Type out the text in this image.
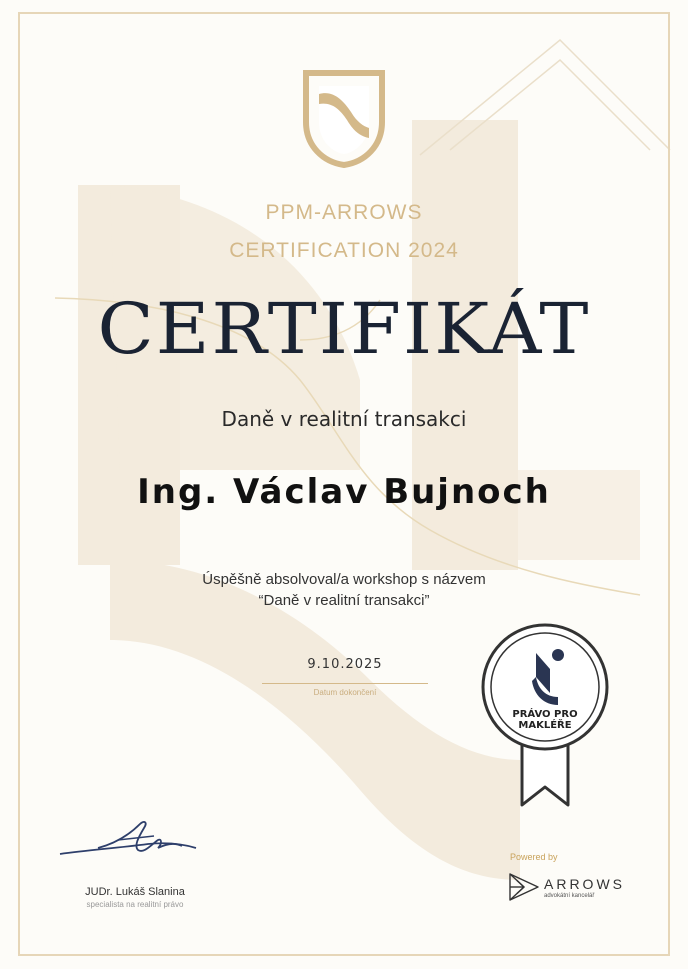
PPM-ARROWS
CERTIFICATION 2024
CERTIFIKÁT
Daně v realitní transakci
Ing. Václav Bujnoch
Úspěšně absolvoval/a workshop s názvem
“Daně v realitní transakci”
9.10.2025
Datum dokončení
PRÁVO PRO
MAKLÉŘE
JUDr. Lukáš Slanina
specialista na realitní právo
Powered by
ARROWS
advokátní kancelář
